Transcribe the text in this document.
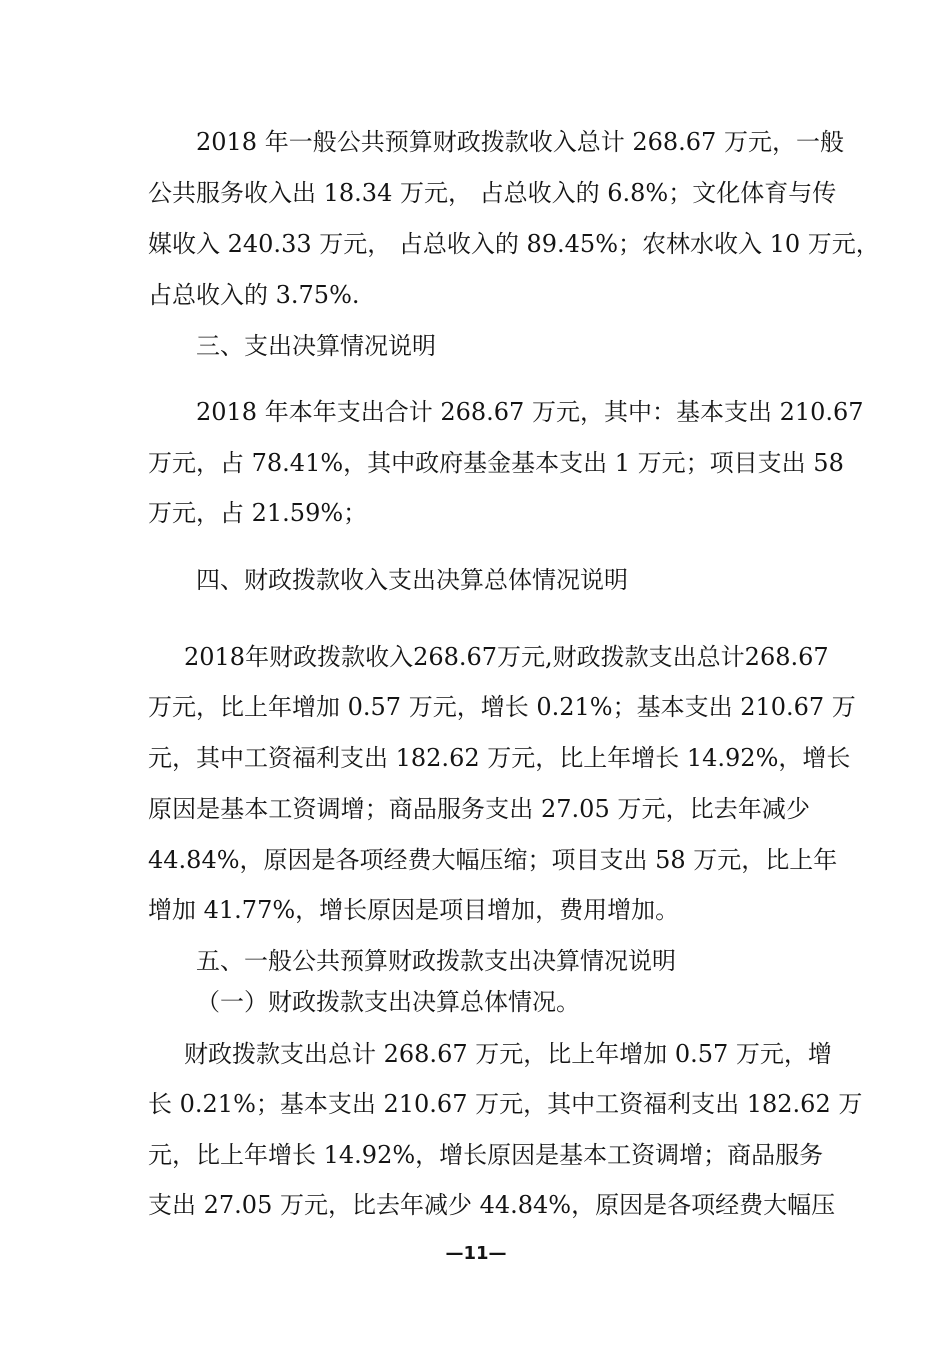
2018 年一般公共预算财政拨款收入总计 268.67 万元，一般
公共服务收入出 18.34 万元， 占总收入的 6.8%；文化体育与传
媒收入 240.33 万元， 占总收入的 89.45%；农林水收入 10 万元，
占总收入的 3.75%.
三、支出决算情况说明
2018 年本年支出合计 268.67 万元，其中：基本支出 210.67
万元，占 78.41%，其中政府基金基本支出 1 万元；项目支出 58
万元，占 21.59%；
四、财政拨款收入支出决算总体情况说明
2018年财政拨款收入268.67万元,财政拨款支出总计268.67
万元，比上年增加 0.57 万元，增长 0.21%；基本支出 210.67 万
元，其中工资福利支出 182.62 万元，比上年增长 14.92%，增长
原因是基本工资调增；商品服务支出 27.05 万元，比去年减少
44.84%，原因是各项经费大幅压缩；项目支出 58 万元，比上年
增加 41.77%，增长原因是项目增加，费用增加。
五、一般公共预算财政拨款支出决算情况说明
（一）财政拨款支出决算总体情况。
财政拨款支出总计 268.67 万元，比上年增加 0.57 万元，增
长 0.21%；基本支出 210.67 万元，其中工资福利支出 182.62 万
元，比上年增长 14.92%，增长原因是基本工资调增；商品服务
支出 27.05 万元，比去年减少 44.84%，原因是各项经费大幅压
—11—
